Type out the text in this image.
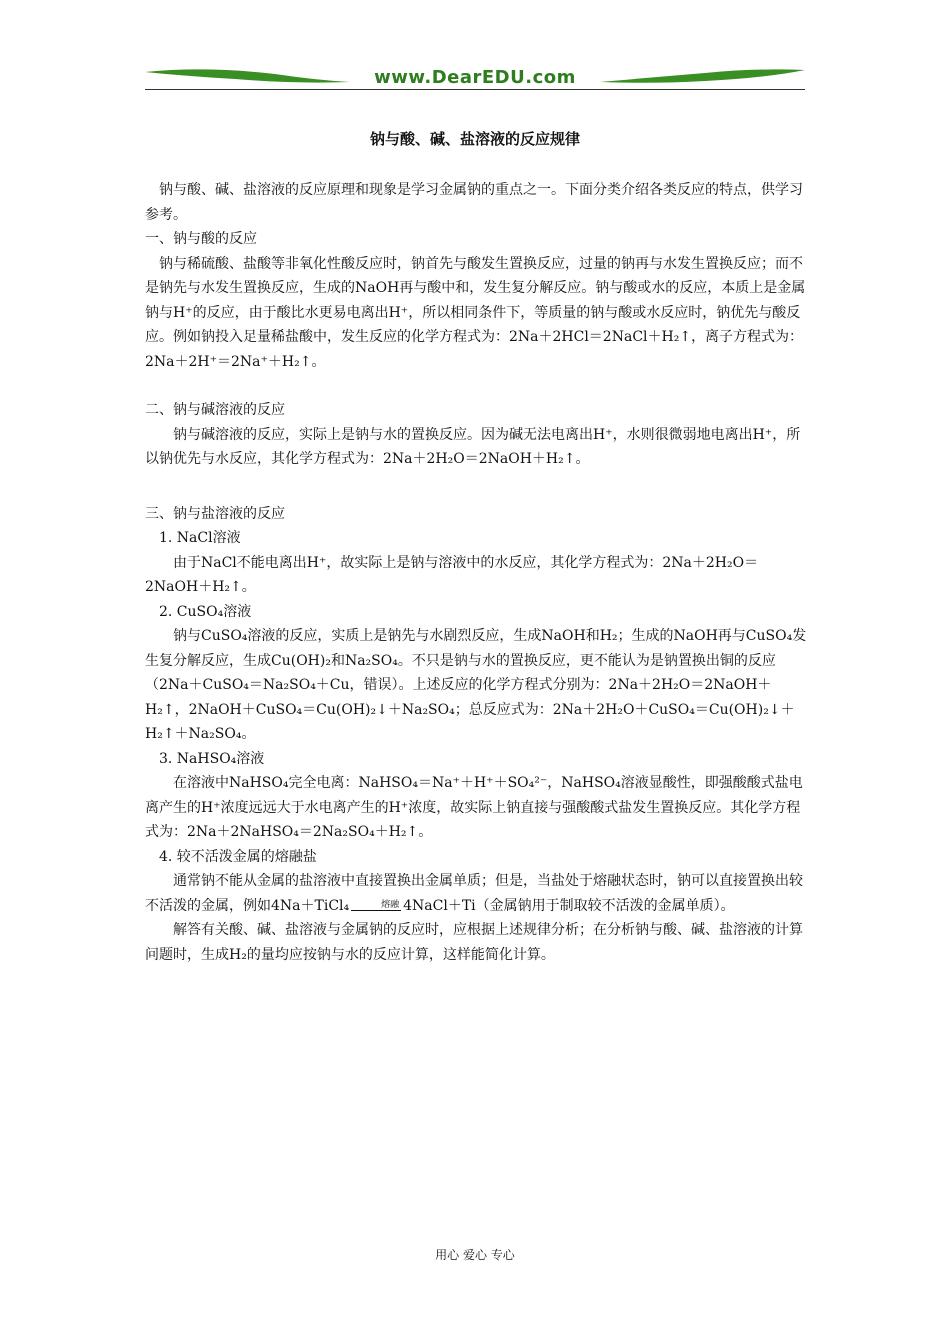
www.DearEDU.com
钠与酸、碱、盐溶液的反应规律

钠与酸、碱、盐溶液的反应原理和现象是学习金属钠的重点之一。下面分类介绍各类反应的特点，供学习参考。

一、钠与酸的反应

钠与稀硫酸、盐酸等非氧化性酸反应时，钠首先与酸发生置换反应，过量的钠再与水发生置换反应；而不是钠先与水发生置换反应，生成的NaOH再与酸中和，发生复分解反应。钠与酸或水的反应，本质上是金属钠与H⁺的反应，由于酸比水更易电离出H⁺，所以相同条件下，等质量的钠与酸或水反应时，钠优先与酸反应。例如钠投入足量稀盐酸中，发生反应的化学方程式为：2Na＋2HCl＝2NaCl＋H₂↑，离子方程式为：2Na＋2H⁺＝2Na⁺＋H₂↑。

二、钠与碱溶液的反应

钠与碱溶液的反应，实际上是钠与水的置换反应。因为碱无法电离出H⁺，水则很微弱地电离出H⁺，所以钠优先与水反应，其化学方程式为：2Na＋2H₂O＝2NaOH＋H₂↑。

三、钠与盐溶液的反应

1. NaCl溶液

由于NaCl不能电离出H⁺，故实际上是钠与溶液中的水反应，其化学方程式为：2Na＋2H₂O＝2NaOH＋H₂↑。

2. CuSO₄溶液

钠与CuSO₄溶液的反应，实质上是钠先与水剧烈反应，生成NaOH和H₂；生成的NaOH再与CuSO₄发生复分解反应，生成Cu(OH)₂和Na₂SO₄。不只是钠与水的置换反应，更不能认为是钠置换出铜的反应（2Na＋CuSO₄＝Na₂SO₄＋Cu，错误）。上述反应的化学方程式分别为：2Na＋2H₂O＝2NaOH＋H₂↑，2NaOH＋CuSO₄＝Cu(OH)₂↓＋Na₂SO₄；总反应式为：2Na＋2H₂O＋CuSO₄＝Cu(OH)₂↓＋H₂↑＋Na₂SO₄。

3. NaHSO₄溶液

在溶液中NaHSO₄完全电离：NaHSO₄＝Na⁺＋H⁺＋SO₄²⁻，NaHSO₄溶液显酸性，即强酸酸式盐电离产生的H⁺浓度远远大于水电离产生的H⁺浓度，故实际上钠直接与强酸酸式盐发生置换反应。其化学方程式为：2Na＋2NaHSO₄＝2Na₂SO₄＋H₂↑。

4. 较不活泼金属的熔融盐

通常钠不能从金属的盐溶液中直接置换出金属单质；但是，当盐处于熔融状态时，钠可以直接置换出较不活泼的金属，例如4Na＋TiCl₄	熔融 4NaCl＋Ti（金属钠用于制取较不活泼的金属单质）。

解答有关酸、碱、盐溶液与金属钠的反应时，应根据上述规律分析；在分析钠与酸、碱、盐溶液的计算问题时，生成H₂的量均应按钠与水的反应计算，这样能简化计算。

用心 爱心 专心
